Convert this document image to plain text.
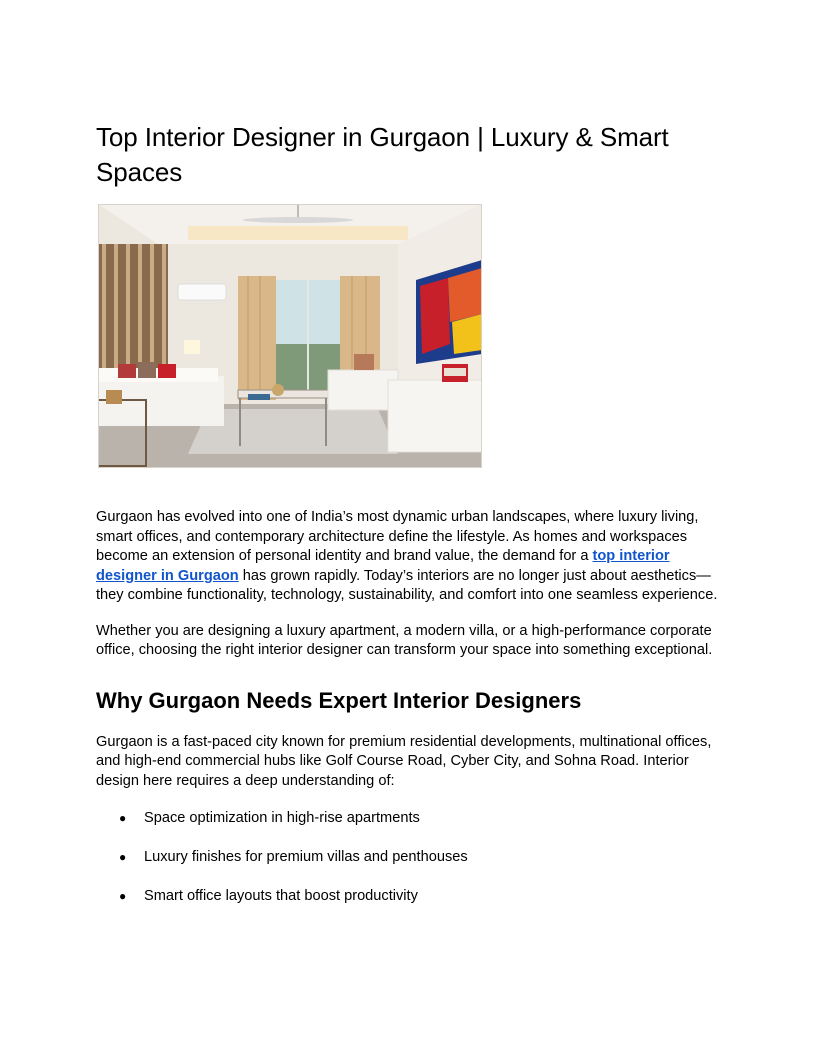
Top Interior Designer in Gurgaon | Luxury & Smart Spaces

Gurgaon has evolved into one of India’s most dynamic urban landscapes, where luxury living, smart offices, and contemporary architecture define the lifestyle. As homes and workspaces become an extension of personal identity and brand value, the demand for a top interior designer in Gurgaon has grown rapidly. Today’s interiors are no longer just about aesthetics—they combine functionality, technology, sustainability, and comfort into one seamless experience.

Whether you are designing a luxury apartment, a modern villa, or a high-performance corporate office, choosing the right interior designer can transform your space into something exceptional.

Why Gurgaon Needs Expert Interior Designers

Gurgaon is a fast-paced city known for premium residential developments, multinational offices, and high-end commercial hubs like Golf Course Road, Cyber City, and Sohna Road. Interior design here requires a deep understanding of:

● Space optimization in high-rise apartments
● Luxury finishes for premium villas and penthouses
● Smart office layouts that boost productivity
